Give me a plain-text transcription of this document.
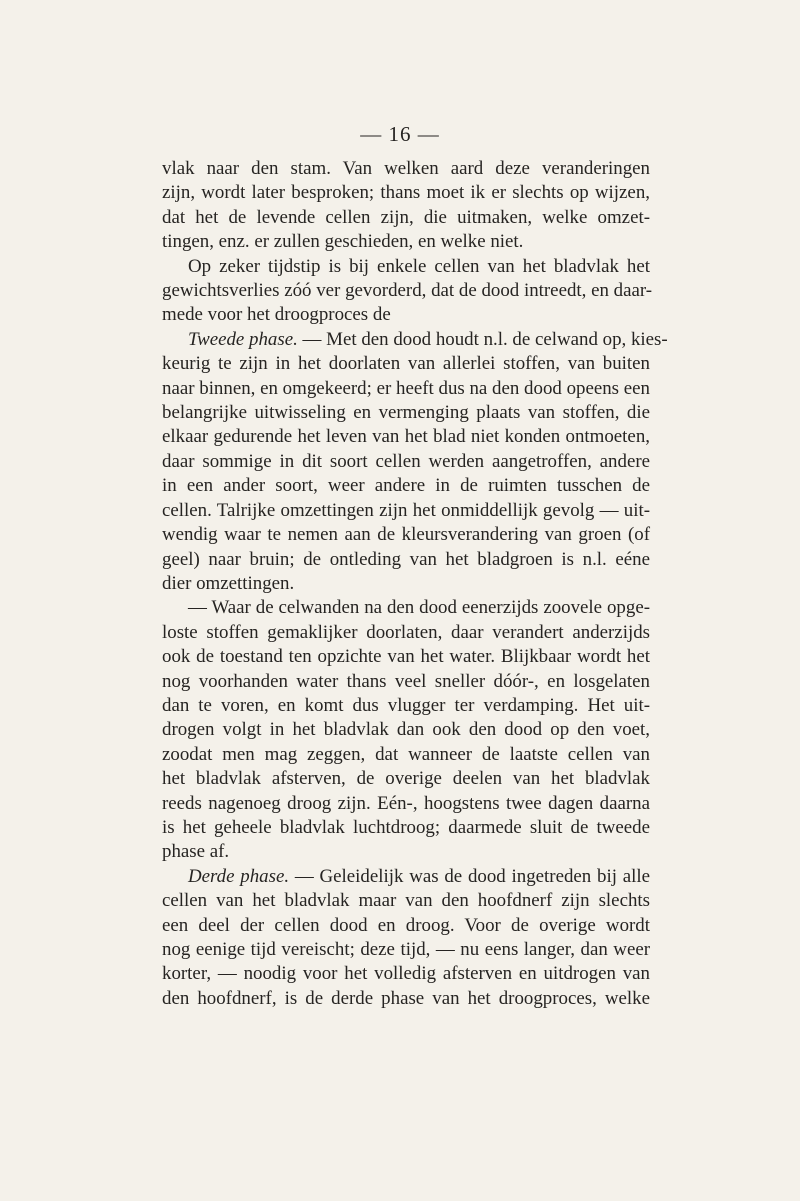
— 16 —
vlak naar den stam. Van welken aard deze veranderingen
zijn, wordt later besproken; thans moet ik er slechts op wijzen,
dat het de levende cellen zijn, die uitmaken, welke omzet-
tingen, enz. er zullen geschieden, en welke niet.
Op zeker tijdstip is bij enkele cellen van het bladvlak het
gewichtsverlies zóó ver gevorderd, dat de dood intreedt, en daar-
mede voor het droogproces de
Tweede phase. — Met den dood houdt n.l. de celwand op, kies-
keurig te zijn in het doorlaten van allerlei stoffen, van buiten
naar binnen, en omgekeerd; er heeft dus na den dood opeens een
belangrijke uitwisseling en vermenging plaats van stoffen, die
elkaar gedurende het leven van het blad niet konden ontmoeten,
daar sommige in dit soort cellen werden aangetroffen, andere
in een ander soort, weer andere in de ruimten tusschen de
cellen. Talrijke omzettingen zijn het onmiddellijk gevolg — uit-
wendig waar te nemen aan de kleursverandering van groen (of
geel) naar bruin; de ontleding van het bladgroen is n.l. eéne
dier omzettingen.
— Waar de celwanden na den dood eenerzijds zoovele opge-
loste stoffen gemaklijker doorlaten, daar verandert anderzijds
ook de toestand ten opzichte van het water. Blijkbaar wordt het
nog voorhanden water thans veel sneller dóór-, en losgelaten
dan te voren, en komt dus vlugger ter verdamping. Het uit-
drogen volgt in het bladvlak dan ook den dood op den voet,
zoodat men mag zeggen, dat wanneer de laatste cellen van
het bladvlak afsterven, de overige deelen van het bladvlak
reeds nagenoeg droog zijn. Eén-, hoogstens twee dagen daarna
is het geheele bladvlak luchtdroog; daarmede sluit de tweede
phase af.
Derde phase. — Geleidelijk was de dood ingetreden bij alle
cellen van het bladvlak maar van den hoofdnerf zijn slechts
een deel der cellen dood en droog. Voor de overige wordt
nog eenige tijd vereischt; deze tijd, — nu eens langer, dan weer
korter, — noodig voor het volledig afsterven en uitdrogen van
den hoofdnerf, is de derde phase van het droogproces, welke
